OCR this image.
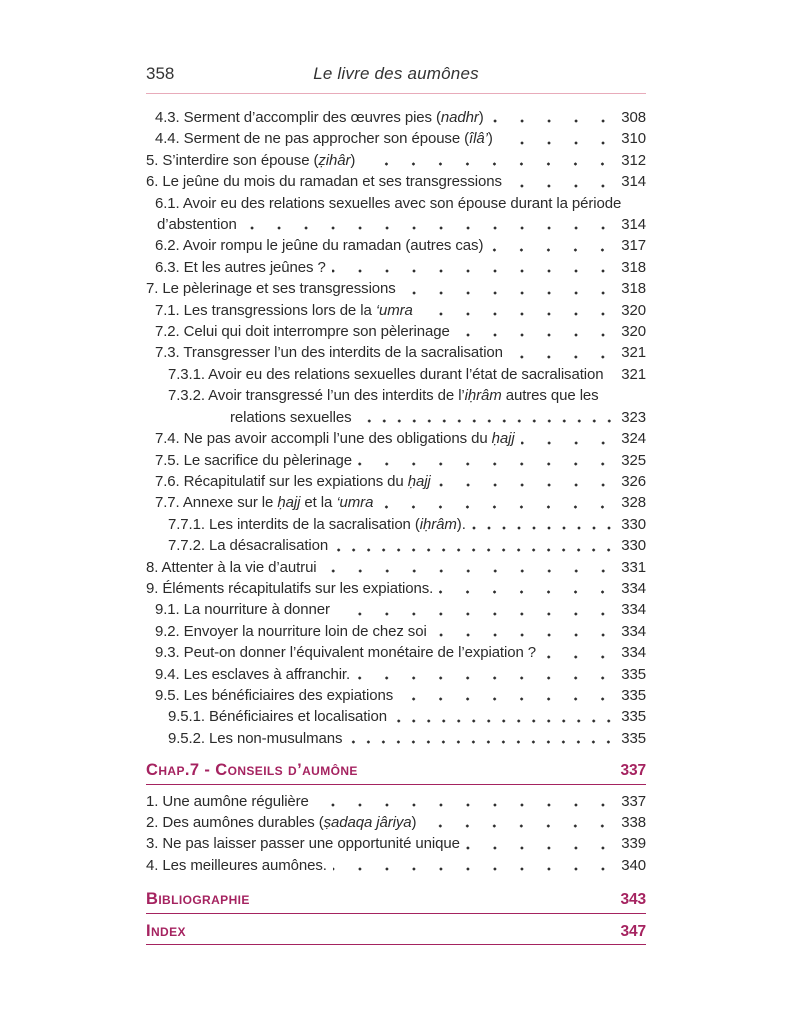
358	Le livre des aumônes
4.3. Serment d’accomplir des œuvres pies (nadhr)	308
4.4. Serment de ne pas approcher son épouse (îlâ’)	310
5. S’interdire son épouse (ẓihâr)	312
6. Le jeûne du mois du ramadan et ses transgressions	314
6.1. Avoir eu des relations sexuelles avec son épouse durant la période
d’abstention	314
6.2. Avoir rompu le jeûne du ramadan (autres cas)	317
6.3. Et les autres jeûnes ?	318
7. Le pèlerinage et ses transgressions	318
7.1. Les transgressions lors de la ‘umra	320
7.2. Celui qui doit interrompre son pèlerinage	320
7.3. Transgresser l’un des interdits de la sacralisation	321
7.3.1. Avoir eu des relations sexuelles durant l’état de sacralisation 321
7.3.2. Avoir transgressé l’un des interdits de l’iḥrâm autres que les
relations sexuelles	323
7.4. Ne pas avoir accompli l’une des obligations du ḥajj	324
7.5. Le sacrifice du pèlerinage	325
7.6. Récapitulatif sur les expiations du ḥajj	326
7.7. Annexe sur le ḥajj et la ‘umra	328
7.7.1. Les interdits de la sacralisation (iḥrâm).	330
7.7.2. La désacralisation	330
8. Attenter à la vie d’autrui	331
9. Éléments récapitulatifs sur les expiations.	334
9.1. La nourriture à donner	334
9.2. Envoyer la nourriture loin de chez soi	334
9.3. Peut-on donner l’équivalent monétaire de l’expiation ?	334
9.4. Les esclaves à affranchir.	335
9.5. Les bénéficiaires des expiations	335
9.5.1. Bénéficiaires et localisation	335
9.5.2. Les non-musulmans	335
Chap.7 - Conseils d’aumône	337
1. Une aumône régulière	337
2. Des aumônes durables (ṣadaqa jâriya)	338
3. Ne pas laisser passer une opportunité unique	339
4. Les meilleures aumônes.	340
Bibliographie	343
Index	347
